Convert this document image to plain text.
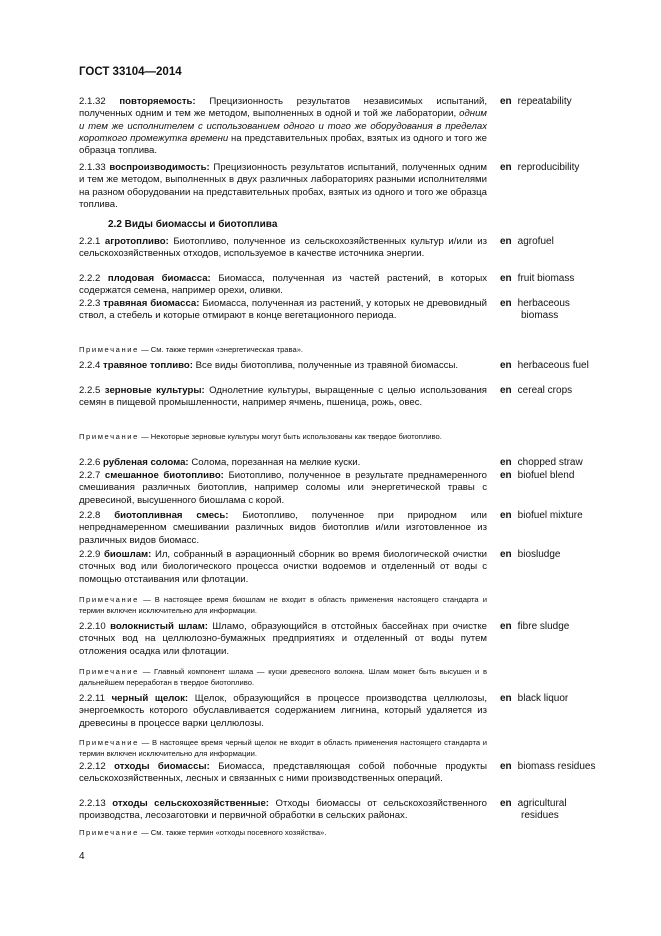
ГОСТ 33104—2014
2.1.32 повторяемость: Прецизионность результатов независимых испытаний, полученных одним и тем же методом, выполненных в одной и той же лаборатории, одним и тем же исполнителем с использованием одного и того же оборудования в пределах короткого промежутка времени на представительных пробах, взятых из одного и того же образца топлива.
en repeatability
2.1.33 воспроизводимость: Прецизионность результатов испытаний, полученных одним и тем же методом, выполненных в двух различных лабораториях разными исполнителями на разном оборудовании на представительных пробах, взятых из одного и того же образца топлива.
en reproducibility
2.2 Виды биомассы и биотоплива
2.2.1 агротопливо: Биотопливо, полученное из сельскохозяйственных культур и/или из сельскохозяйственных отходов, используемое в качестве источника энергии.
en agrofuel
2.2.2 плодовая биомасса: Биомасса, полученная из частей растений, в которых содержатся семена, например орехи, оливки.
en fruit biomass
2.2.3 травяная биомасса: Биомасса, полученная из растений, у которых не древовидный ствол, а стебель и которые отмирают в конце вегетационного периода.
en herbaceous
biomass
Примечание — См. также термин «энергетическая трава».
2.2.4 травяное топливо: Все виды биотоплива, полученные из травяной биомассы.	en herbaceous fuel
2.2.5 зерновые культуры: Однолетние культуры, выращенные с целью использования семян в пищевой промышленности, например ячмень, пшеница, рожь, овес.
en cereal crops
Примечание — Некоторые зерновые культуры могут быть использованы как твердое биотопливо.
2.2.6 рубленая солома: Солома, порезанная на мелкие куски.	en chopped straw
2.2.7 смешанное биотопливо: Биотопливо, полученное в результате преднамеренного смешивания различных биотоплив, например соломы или энергетической травы с древесиной, высушенного биошлама с корой.
en biofuel blend
2.2.8 биотопливная смесь: Биотопливо, полученное при природном или непреднамеренном смешивании различных видов биотоплив и/или изготовленное из различных видов биомасс.
en biofuel mixture
2.2.9 биошлам: Ил, собранный в аэрационный сборник во время биологической очистки сточных вод или биологического процесса очистки водоемов и отделенный от воды с помощью отстаивания или флотации.
en biosludge
Примечание — В настоящее время биошлам не входит в область применения настоящего стандарта и термин включен исключительно для информации.
2.2.10 волокнистый шлам: Шламо, образующийся в отстойных бассейнах при очистке сточных вод на целлюлозно-бумажных предприятиях и отделенный от воды путем отложения осадка или флотации.
en fibre sludge
Примечание — Главный компонент шлама — куски древесного волокна. Шлам может быть высушен и в дальнейшем переработан в твердое биотопливо.
2.2.11 черный щелок: Щелок, образующийся в процессе производства целлюлозы, энергоемкость которого обуславливается содержанием лигнина, который удаляется из древесины в процессе варки целлюлозы.
en black liquor
Примечание — В настоящее время черный щелок не входит в область применения настоящего стандарта и термин включен исключительно для информации.
2.2.12 отходы биомассы: Биомасса, представляющая собой побочные продукты сельскохозяйственных, лесных и связанных с ними производственных операций.
en biomass residues
2.2.13 отходы сельскохозяйственные: Отходы биомассы от сельскохозяйственного производства, лесозаготовки и первичной обработки в сельских районах.
en agricultural
residues
Примечание — См. также термин «отходы посевного хозяйства».
4
